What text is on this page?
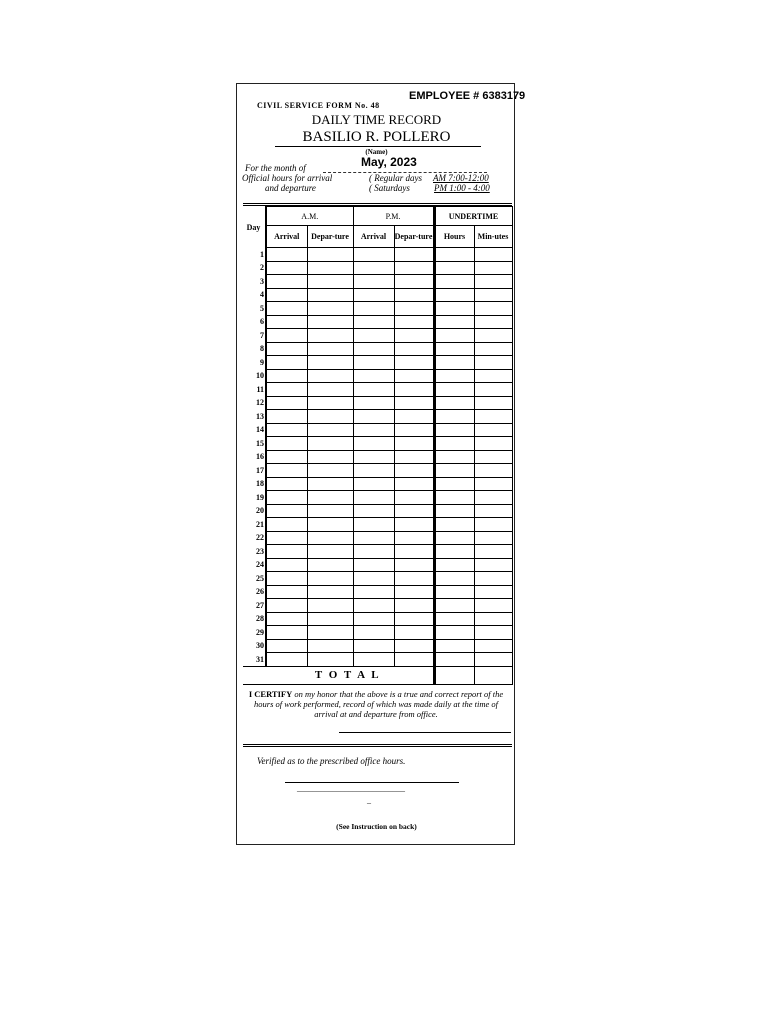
EMPLOYEE # 6383179
CIVIL SERVICE FORM No. 48
DAILY TIME RECORD
BASILIO R. POLLERO
(Name)
For the month of	May, 2023
Official hours for arrival
and departure
( Regular days AM 7:00-12:00
( Saturdays	PM 1:00 - 4:00
Day	A.M.		P.M.		UNDERTIME	
	Arrival	Depar-ture	Arrival	Depar-ture	Hours	Min-utes
1						
2						
3						
4						
5						
6						
7						
8						
9						
10						
11						
12						
13						
14						
15						
16						
17						
18						
19						
20						
21						
22						
23						
24						
25						
26						
27						
28						
29						
30						
31						
T O T A L						
I CERTIFY on my honor that the above is a true and correct report of the hours of work performed, record of which was made daily at the time of arrival at and departure from office.
Verified as to the prescribed office hours.
___________________________
_
(See Instruction on back)
